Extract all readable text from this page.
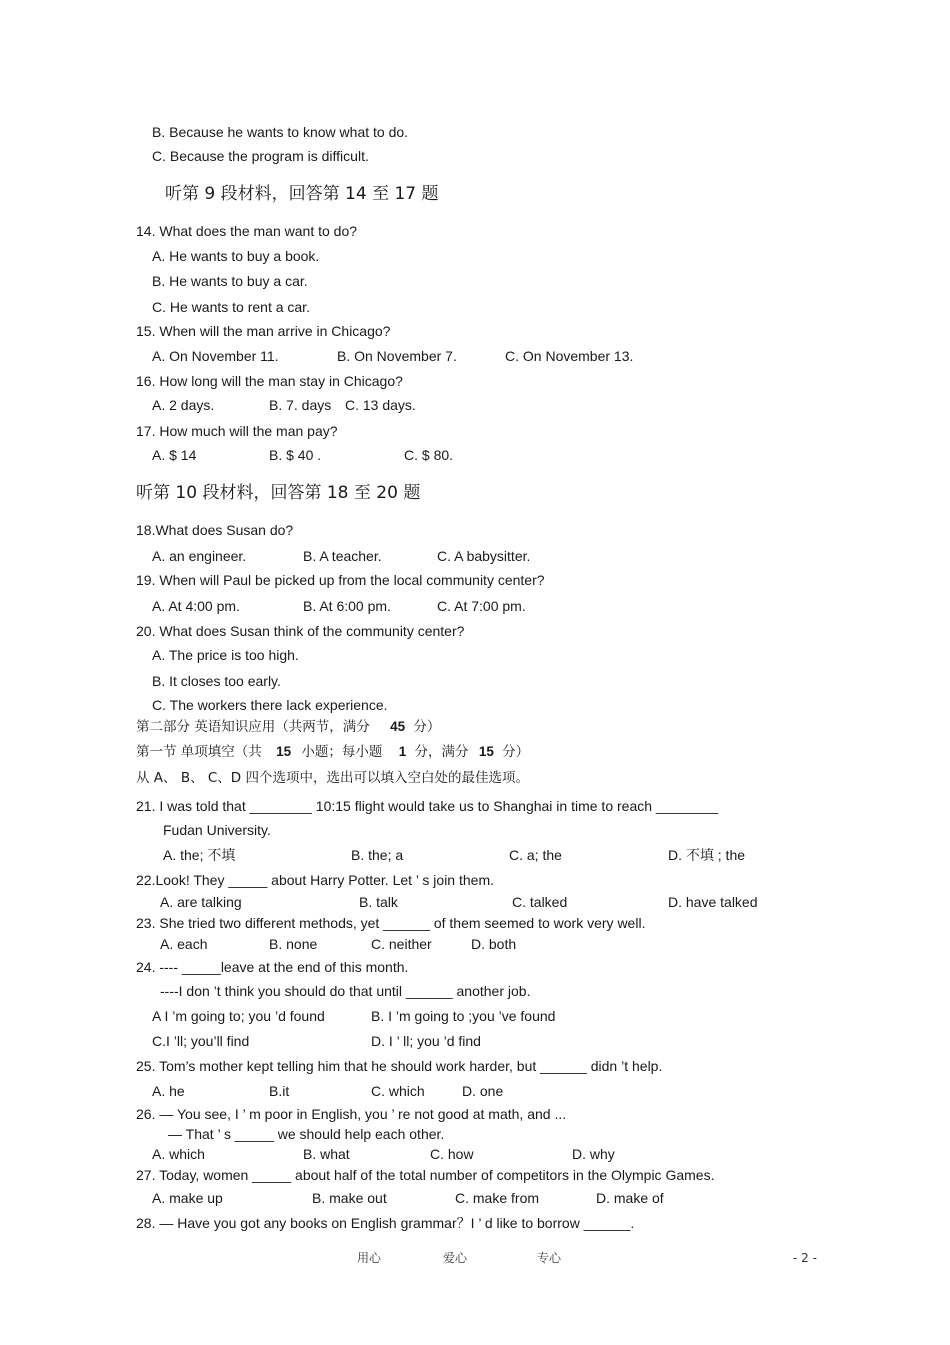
B. Because he wants to know what to do.
C. Because the program is difficult.
听第 9 段材料，回答第 14 至 17 题
14. What does the man want to do?
A. He wants to buy a book.
B. He wants to buy a car.
C. He wants to rent a car.
15. When will the man arrive in Chicago?
A. On November 11.	B. On November 7.	C. On November 13.
16. How long will the man stay in Chicago?
A. 2 days.	B. 7. days C. 13 days.
17. How much will the man pay?
A. $ 14	B. $ 40 .	C. $ 80.
听第 10 段材料，回答第 18 至 20 题
18.What does Susan do?
A. an engineer.	B. A teacher.	C. A babysitter.
19. When will Paul be picked up from the local community center?
A. At 4:00 pm.	B. At 6:00 pm.	C. At 7:00 pm.
20. What does Susan think of the community center?
A. The price is too high.
B. It closes too early.
C. The workers there lack experience.
第二部分 英语知识应用（共两节，满分 45 分）
第一节 单项填空（共 15 小题；每小题 1 分，满分 15 分）
从 A、 B、 C、D 四个选项中，选出可以填入空白处的最佳选项。
21. I was told that ________ 10:15 flight would take us to Shanghai in time to reach ________
Fudan University.
A. the; 不填	B. the; a	C. a; the	D. 不填 ; the
22.Look! They _____ about Harry Potter. Let ’ s join them.
A. are talking	B. talk	C. talked	D. have talked
23. She tried two different methods, yet ______ of them seemed to work very well.
A. each	B. none	C. neither	D. both
24. ---- _____leave at the end of this month.
----I don ’t think you should do that until ______ another job.
A I ’m going to; you ’d found	B. I ’m going to ;you ’ve found
C.I ’ll; you’ll find	D. I ’ ll; you ’d find
25. Tom’s mother kept telling him that he should work harder, but ______ didn ’t help.
A. he	B.it	C. which	D. one
26. — You see, I ’ m poor in English, you ’ re not good at math, and ...
— That ’ s _____ we should help each other.
A. which	B. what	C. how	D. why
27. Today, women _____ about half of the total number of competitors in the Olympic Games.
A. make up	B. make out	C. make from	D. make of
28. — Have you got any books on English grammar？I ’ d like to borrow ______.
用心	爱心	专心	- 2 -
